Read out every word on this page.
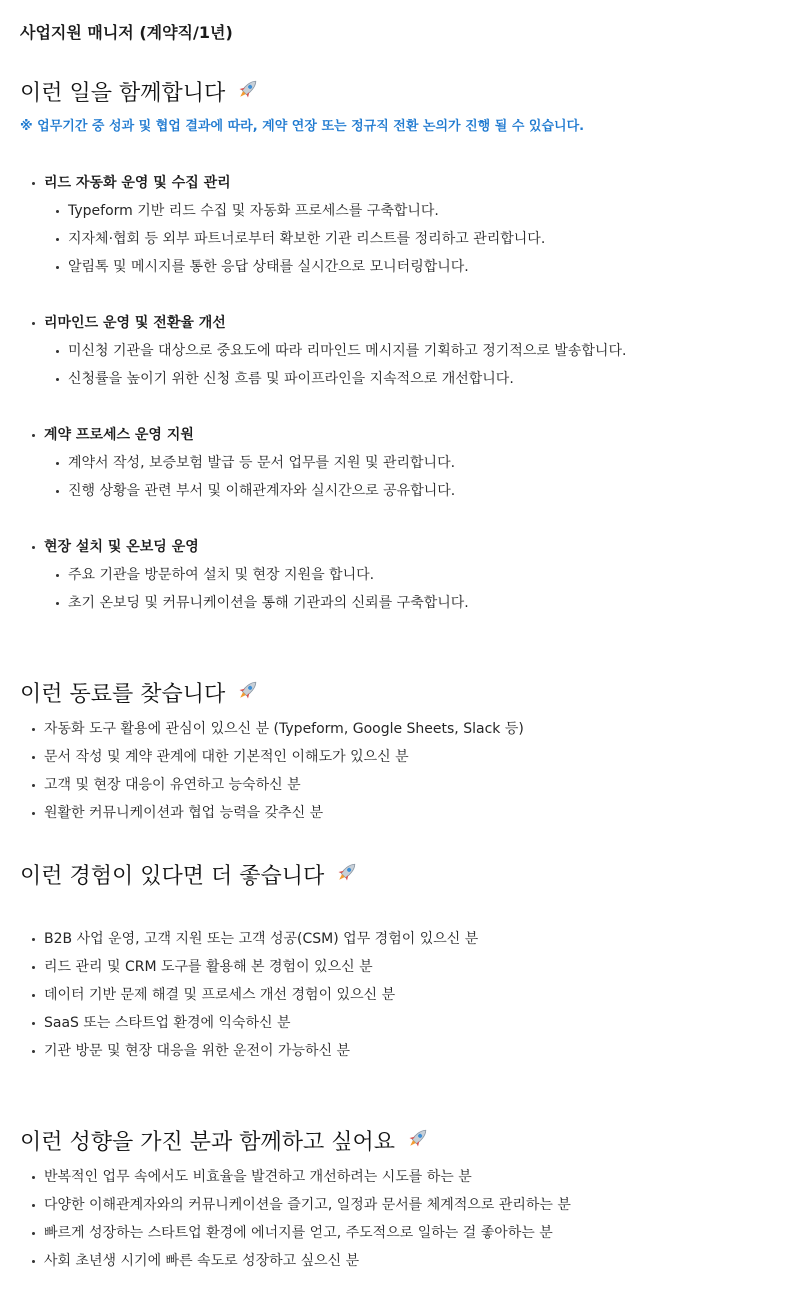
사업지원 매니저 (계약직/1년)
이런 일을 함께합니다

※ 업무기간 중 성과 및 협업 결과에 따라, 계약 연장 또는 정규직 전환 논의가 진행 될 수 있습니다.

리드 자동화 운영 및 수집 관리
Typeform 기반 리드 수집 및 자동화 프로세스를 구축합니다.
지자체·협회 등 외부 파트너로부터 확보한 기관 리스트를 정리하고 관리합니다.
알림톡 및 메시지를 통한 응답 상태를 실시간으로 모니터링합니다.
리마인드 운영 및 전환율 개선
미신청 기관을 대상으로 중요도에 따라 리마인드 메시지를 기획하고 정기적으로 발송합니다.
신청률을 높이기 위한 신청 흐름 및 파이프라인을 지속적으로 개선합니다.
계약 프로세스 운영 지원
계약서 작성, 보증보험 발급 등 문서 업무를 지원 및 관리합니다.
진행 상황을 관련 부서 및 이해관계자와 실시간으로 공유합니다.
현장 설치 및 온보딩 운영
주요 기관을 방문하여 설치 및 현장 지원을 합니다.
초기 온보딩 및 커뮤니케이션을 통해 기관과의 신뢰를 구축합니다.
이런 동료를 찾습니다
자동화 도구 활용에 관심이 있으신 분 (Typeform, Google Sheets, Slack 등)
문서 작성 및 계약 관계에 대한 기본적인 이해도가 있으신 분
고객 및 현장 대응이 유연하고 능숙하신 분
원활한 커뮤니케이션과 협업 능력을 갖추신 분
이런 경험이 있다면 더 좋습니다
B2B 사업 운영, 고객 지원 또는 고객 성공(CSM) 업무 경험이 있으신 분
리드 관리 및 CRM 도구를 활용해 본 경험이 있으신 분
데이터 기반 문제 해결 및 프로세스 개선 경험이 있으신 분
SaaS 또는 스타트업 환경에 익숙하신 분
기관 방문 및 현장 대응을 위한 운전이 가능하신 분
이런 성향을 가진 분과 함께하고 싶어요
반복적인 업무 속에서도 비효율을 발견하고 개선하려는 시도를 하는 분
다양한 이해관계자와의 커뮤니케이션을 즐기고, 일정과 문서를 체계적으로 관리하는 분
빠르게 성장하는 스타트업 환경에 에너지를 얻고, 주도적으로 일하는 걸 좋아하는 분
사회 초년생 시기에 빠른 속도로 성장하고 싶으신 분
